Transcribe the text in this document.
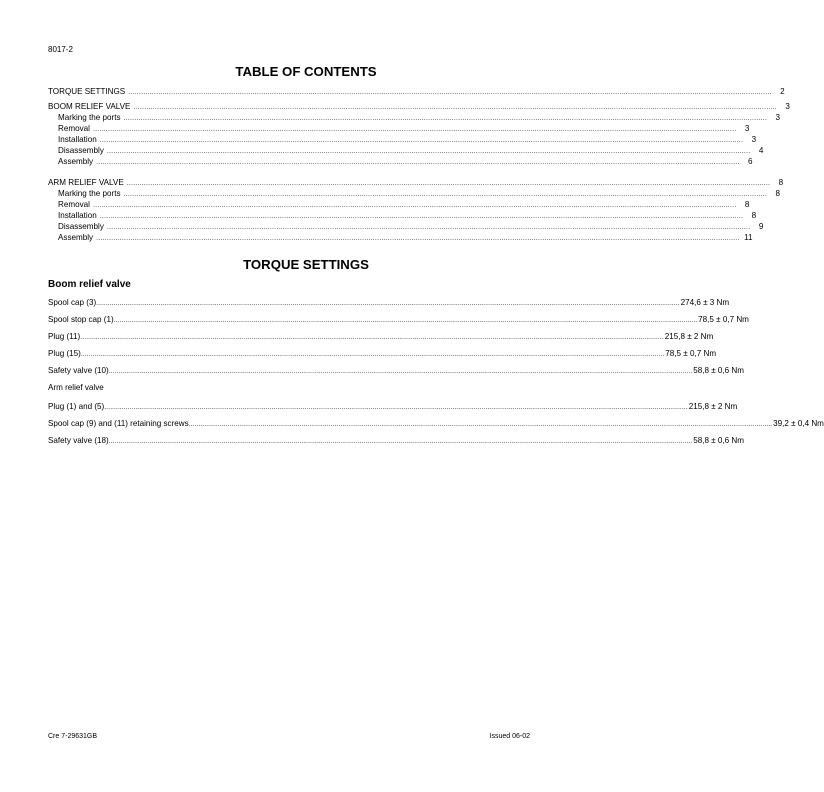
8017-2
TABLE OF CONTENTS
TORQUE SETTINGS ............................................................................................................................................................................................................................................................................................................	2
BOOM RELIEF VALVE ............................................................................................................................................................................................................................................................................................................	3
Marking the ports ............................................................................................................................................................................................................................................................................................................	3
Removal ............................................................................................................................................................................................................................................................................................................	3
Installation ............................................................................................................................................................................................................................................................................................................	3
Disassembly ............................................................................................................................................................................................................................................................................................................	4
Assembly ............................................................................................................................................................................................................................................................................................................	6
ARM RELIEF VALVE ............................................................................................................................................................................................................................................................................................................	8
Marking the ports ............................................................................................................................................................................................................................................................................................................	8
Removal ............................................................................................................................................................................................................................................................................................................	8
Installation ............................................................................................................................................................................................................................................................................................................	8
Disassembly ............................................................................................................................................................................................................................................................................................................	9
Assembly ............................................................................................................................................................................................................................................................................................................ 11
TORQUE SETTINGS
Boom relief valve
Spool cap (3) ............................................................................................................................................................................................................................................................................................................ 274,6 ± 3 Nm
Spool stop cap (1) ............................................................................................................................................................................................................................................................................................................ 78,5 ± 0,7 Nm
Plug (11) ............................................................................................................................................................................................................................................................................................................ 215,8 ± 2 Nm
Plug (15) ............................................................................................................................................................................................................................................................................................................ 78,5 ± 0,7 Nm
Safety valve (10) ............................................................................................................................................................................................................................................................................................................ 58,8 ± 0,6 Nm
Arm relief valve
Plug (1) and (5) ............................................................................................................................................................................................................................................................................................................ 215,8 ± 2 Nm
Spool cap (9) and (11) retaining screws ............................................................................................................................................................................................................................................................................................................ 39,2 ± 0,4 Nm
Safety valve (18) ............................................................................................................................................................................................................................................................................................................ 58,8 ± 0,6 Nm
Cre 7-29631GB	Issued 06-02
